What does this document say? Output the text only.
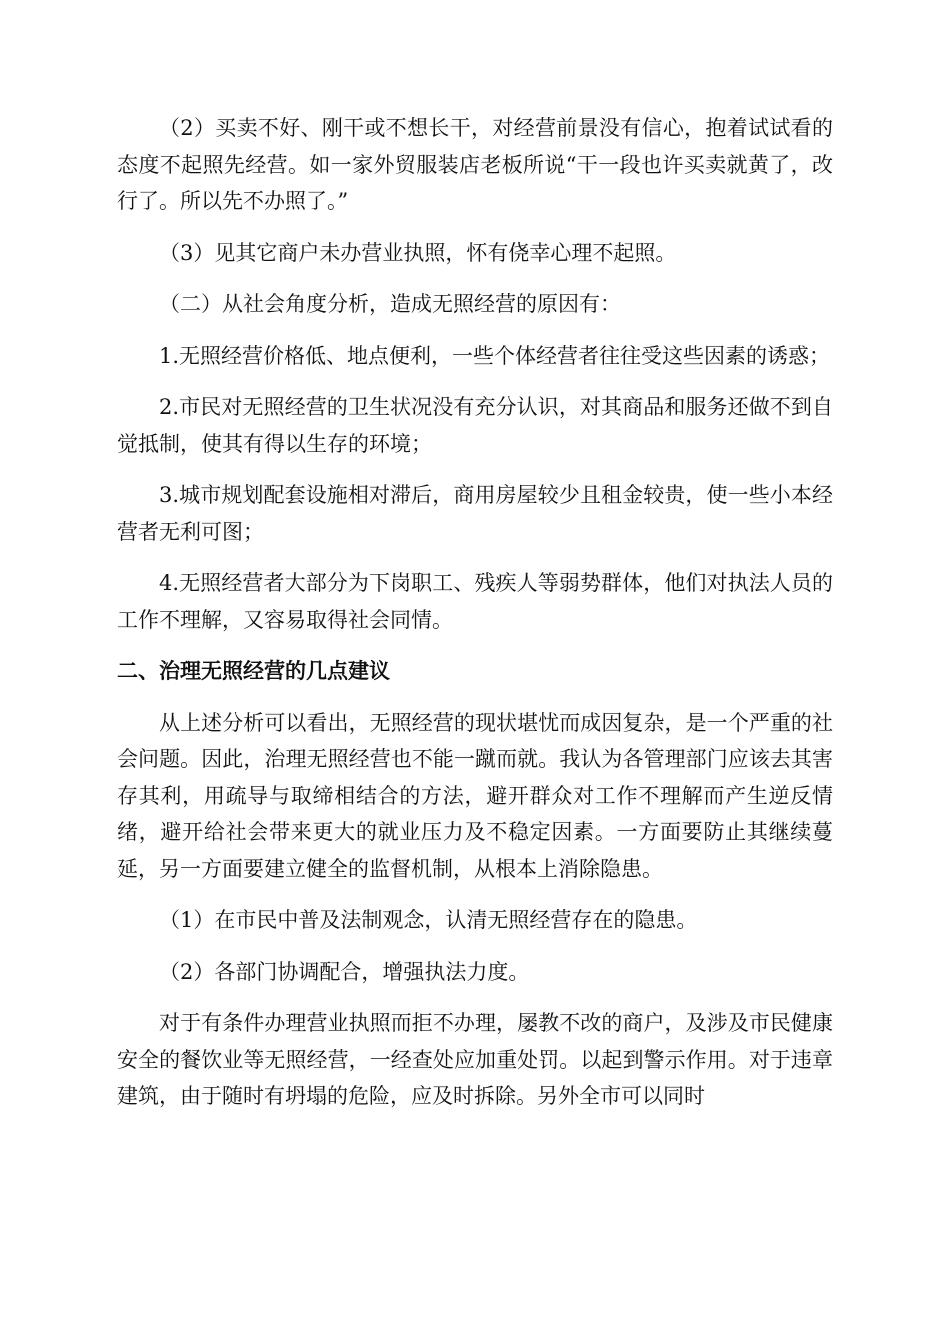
（2）买卖不好、刚干或不想长干，对经营前景没有信心，抱着试试看的态度不起照先经营。如一家外贸服装店老板所说“干一段也许买卖就黄了，改行了。所以先不办照了。”

（3）见其它商户未办营业执照，怀有侥幸心理不起照。

（二）从社会角度分析，造成无照经营的原因有：

1.无照经营价格低、地点便利，一些个体经营者往往受这些因素的诱惑；

2.市民对无照经营的卫生状况没有充分认识，对其商品和服务还做不到自觉抵制，使其有得以生存的环境；

3.城市规划配套设施相对滞后，商用房屋较少且租金较贵，使一些小本经营者无利可图；

4.无照经营者大部分为下岗职工、残疾人等弱势群体，他们对执法人员的工作不理解，又容易取得社会同情。

二、治理无照经营的几点建议

从上述分析可以看出，无照经营的现状堪忧而成因复杂，是一个严重的社会问题。因此，治理无照经营也不能一蹴而就。我认为各管理部门应该去其害存其利，用疏导与取缔相结合的方法，避开群众对工作不理解而产生逆反情绪，避开给社会带来更大的就业压力及不稳定因素。一方面要防止其继续蔓延，另一方面要建立健全的监督机制，从根本上消除隐患。

（1）在市民中普及法制观念，认清无照经营存在的隐患。

（2）各部门协调配合，增强执法力度。

对于有条件办理营业执照而拒不办理，屡教不改的商户，及涉及市民健康安全的餐饮业等无照经营，一经查处应加重处罚。以起到警示作用。对于违章建筑，由于随时有坍塌的危险，应及时拆除。另外全市可以同时
